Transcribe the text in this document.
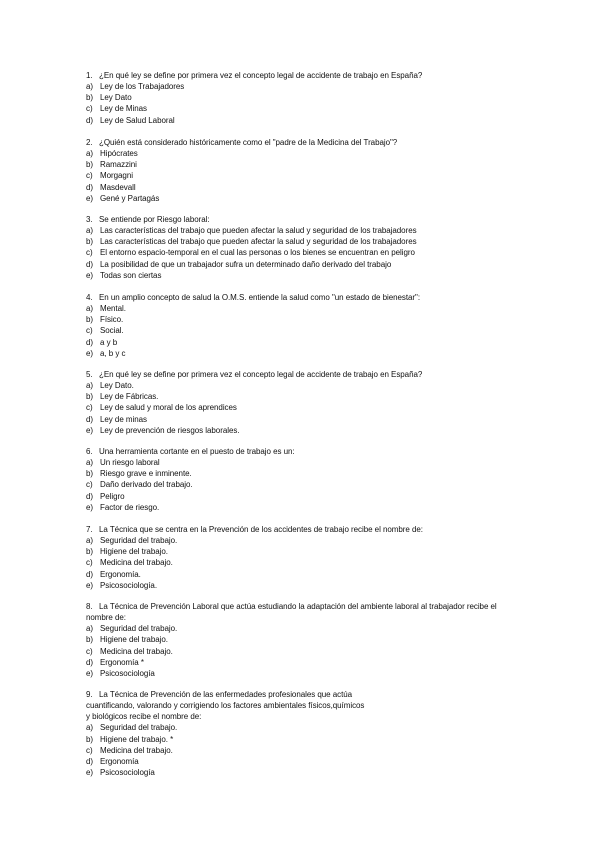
1. ¿En qué ley se define por primera vez el concepto legal de accidente de trabajo en España?
a) Ley de los Trabajadores
b) Ley Dato
c) Ley de Minas
d) Ley de Salud Laboral
2. ¿Quién está considerado históricamente como el "padre de la Medicina del Trabajo"?
a) Hipócrates
b) Ramazzini
c) Morgagni
d) Masdevall
e) Gené y Partagás
3. Se entiende por Riesgo laboral:
a) Las características del trabajo que pueden afectar la salud y seguridad de los trabajadores
b) Las características del trabajo que pueden afectar la salud y seguridad de los trabajadores
c) El entorno espacio-temporal en el cual las personas o los bienes se encuentran en peligro
d) La posibilidad de que un trabajador sufra un determinado daño derivado del trabajo
e) Todas son ciertas
4. En un amplio concepto de salud la O.M.S. entiende la salud como "un estado de bienestar":
a) Mental.
b) Físico.
c) Social.
d) a y b
e) a, b y c
5. ¿En qué ley se define por primera vez el concepto legal de accidente de trabajo en España?
a) Ley Dato.
b) Ley de Fábricas.
c) Ley de salud y moral de los aprendices
d) Ley de minas
e) Ley de prevención de riesgos laborales.
6. Una herramienta cortante en el puesto de trabajo es un:
a) Un riesgo laboral
b) Riesgo grave e inminente.
c) Daño derivado del trabajo.
d) Peligro
e) Factor de riesgo.
7. La Técnica que se centra en la Prevención de los accidentes de trabajo recibe el nombre de:
a) Seguridad del trabajo.
b) Higiene del trabajo.
c) Medicina del trabajo.
d) Ergonomía.
e) Psicosociología.
8. La Técnica de Prevención Laboral que actúa estudiando la adaptación del ambiente laboral al trabajador recibe el
nombre de:
a) Seguridad del trabajo.
b) Higiene del trabajo.
c) Medicina del trabajo.
d) Ergonomía *
e) Psicosociología
9. La Técnica de Prevención de las enfermedades profesionales que actúa
cuantificando, valorando y corrigiendo los factores ambientales físicos,químicos
y biológicos recibe el nombre de:
a) Seguridad del trabajo.
b) Higiene del trabajo. *
c) Medicina del trabajo.
d) Ergonomía
e) Psicosociología
